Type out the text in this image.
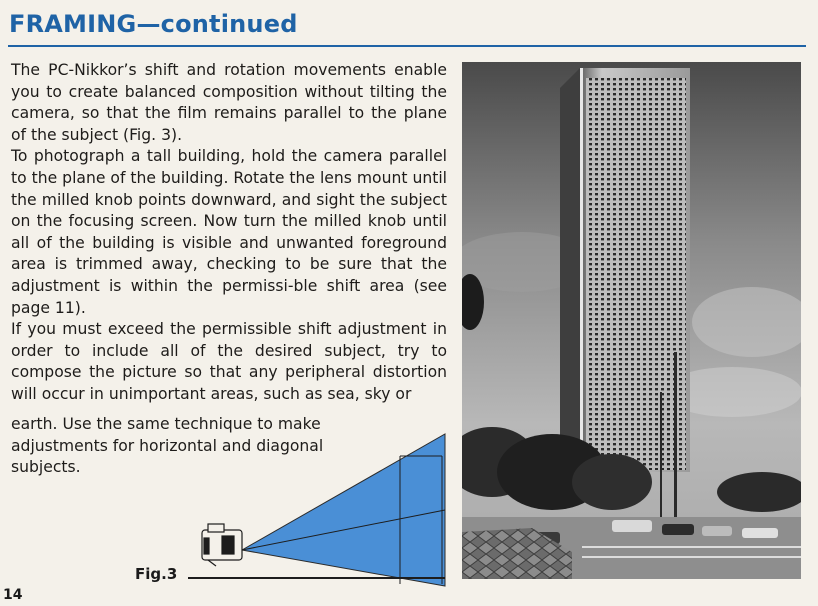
FRAMING—continued

The PC-Nikkor’s shift and rotation movements enable you to create balanced composition without tilting the camera, so that the film remains parallel to the plane of the subject (Fig. 3).

To photograph a tall building, hold the camera parallel to the plane of the building. Rotate the lens mount until the milled knob points downward, and sight the subject on the focusing screen. Now turn the milled knob until all of the building is visible and unwanted foreground area is trimmed away, checking to be sure that the adjustment is within the permissi-ble shift area (see page 11).

If you must exceed the permissible shift adjustment in order to include all of the desired subject, try to compose the picture so that any peripheral distortion will occur in unimportant areas, such as sea, sky or

earth. Use the same technique to make adjustments for horizontal and diagonal subjects.

Fig.3
14
